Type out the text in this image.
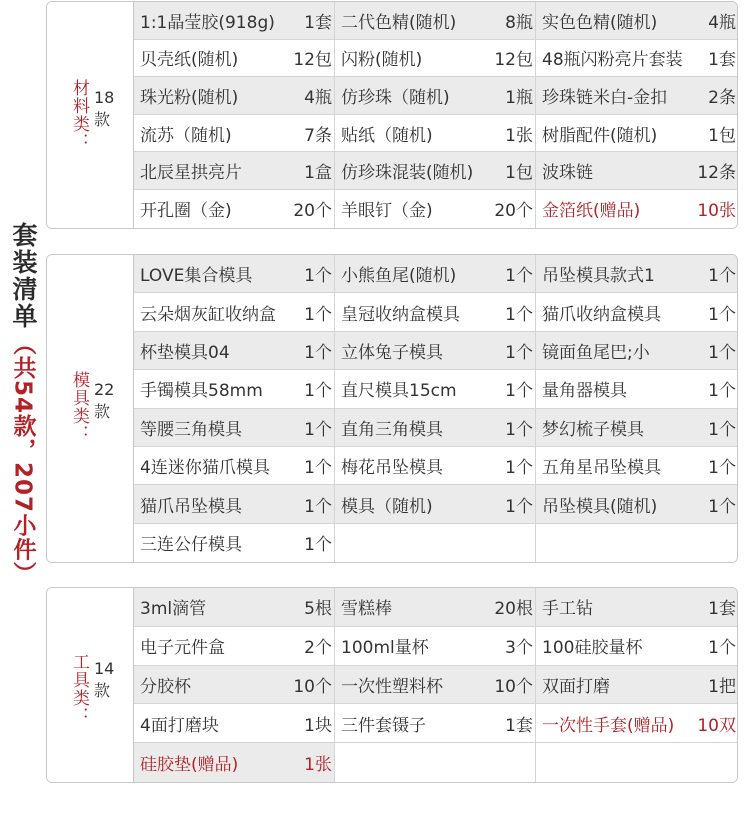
套装清单
（共54款，207小件）
材料类： 18
款
1:1晶莹胶(918g)	1套 二代色精(随机)	8瓶 实色色精(随机)	4瓶
贝壳纸(随机)	12包 闪粉(随机)	12包 48瓶闪粉亮片套装	1套
珠光粉(随机)	4瓶 仿珍珠（随机)	1瓶 珍珠链米白-金扣	2条
流苏（随机)	7条 贴纸（随机)	1张 树脂配件(随机)	1包
北辰星拱亮片	1盒 仿珍珠混装(随机)	1包 波珠链	12条
开孔圈（金)	20个 羊眼钉（金)	20个 金箔纸(赠品)	10张
模具类： 22
款
LOVE集合模具	1个 小熊鱼尾(随机)	1个 吊坠模具款式1	1个
云朵烟灰缸收纳盒	1个 皇冠收纳盒模具	1个 猫爪收纳盒模具	1个
杯垫模具04	1个 立体兔子模具	1个 镜面鱼尾巴;小	1个
手镯模具58mm	1个 直尺模具15cm	1个 量角器模具	1个
等腰三角模具	1个 直角三角模具	1个 梦幻梳子模具	1个
4连迷你猫爪模具	1个 梅花吊坠模具	1个 五角星吊坠模具	1个
猫爪吊坠模具	1个 模具（随机)	1个 吊坠模具(随机)	1个
三连公仔模具	1个
工具类： 14
款
3ml滴管	5根 雪糕棒	20根 手工钻	1套
电子元件盒	2个 100ml量杯	3个 100硅胶量杯	1个
分胶杯	10个 一次性塑料杯	10个 双面打磨	1把
4面打磨块	1块 三件套镊子	1套 一次性手套(赠品)	10双
硅胶垫(赠品)	1张
